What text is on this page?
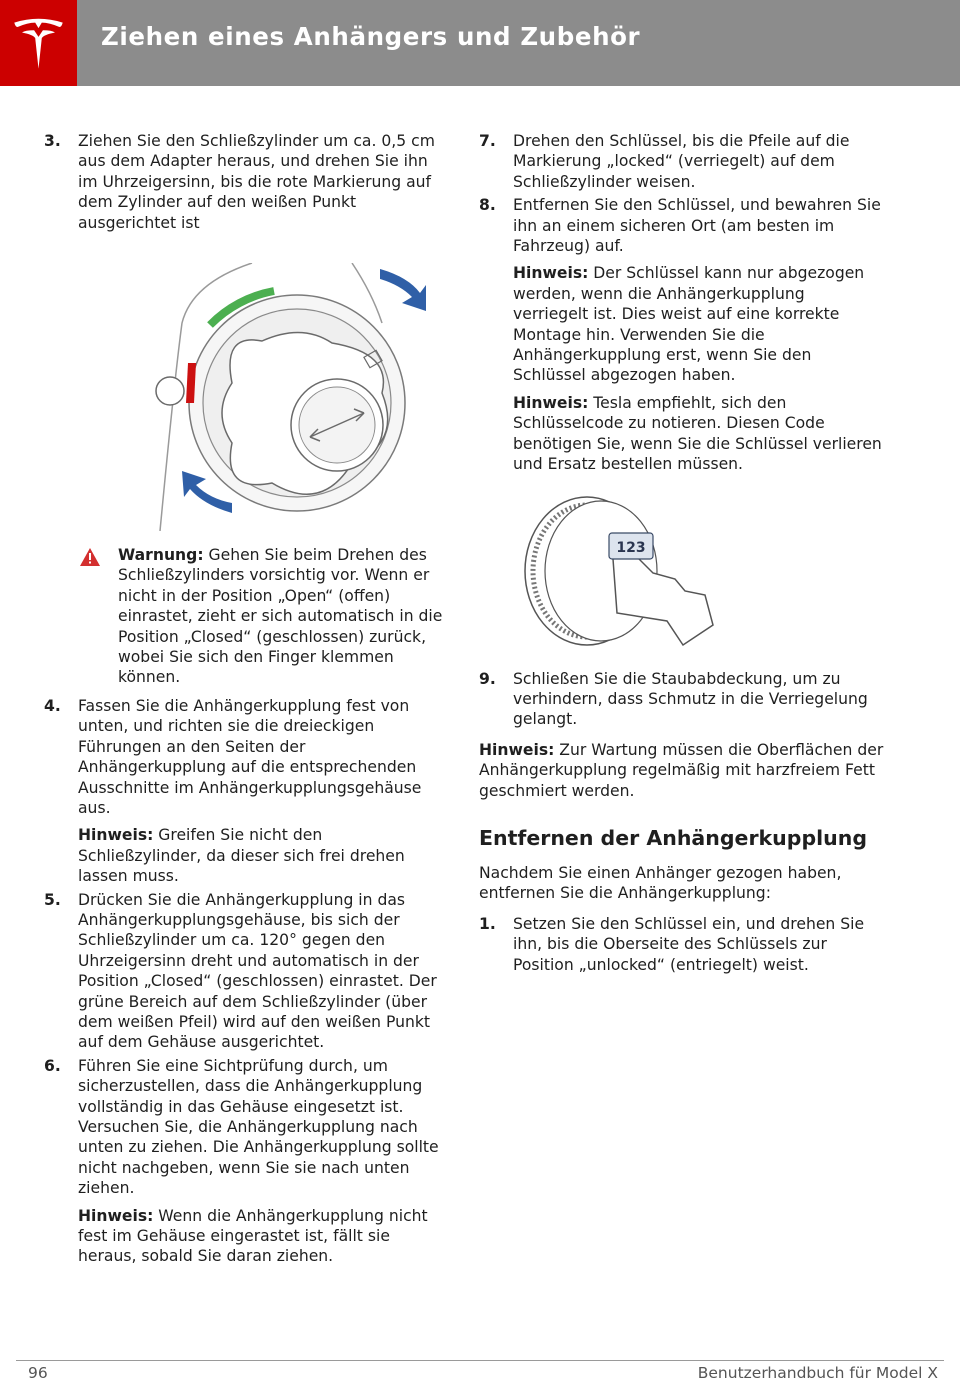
Ziehen eines Anhängers und Zubehör
3.	Ziehen Sie den Schließzylinder um ca. 0,5 cm aus dem Adapter heraus, und drehen Sie ihn im Uhrzeigersinn, bis die rote Markierung auf dem Zylinder auf den weißen Punkt ausgerichtet ist
Warnung: Gehen Sie beim Drehen des Schließzylinders vorsichtig vor. Wenn er nicht in der Position „Open“ (offen) einrastet, zieht er sich automatisch in die Position „Closed“ (geschlossen) zurück, wobei Sie sich den Finger klemmen können.
4.	Fassen Sie die Anhängerkupplung fest von unten, und richten sie die dreieckigen Führungen an den Seiten der Anhängerkupplung auf die entsprechenden Ausschnitte im Anhängerkupplungsgehäuse aus.
Hinweis: Greifen Sie nicht den Schließzylinder, da dieser sich frei drehen lassen muss.
5.	Drücken Sie die Anhängerkupplung in das Anhängerkupplungsgehäuse, bis sich der Schließzylinder um ca. 120° gegen den Uhrzeigersinn dreht und automatisch in der Position „Closed“ (geschlossen) einrastet. Der grüne Bereich auf dem Schließzylinder (über dem weißen Pfeil) wird auf den weißen Punkt auf dem Gehäuse ausgerichtet.
6.	Führen Sie eine Sichtprüfung durch, um sicherzustellen, dass die Anhängerkupplung vollständig in das Gehäuse eingesetzt ist. Versuchen Sie, die Anhängerkupplung nach unten zu ziehen. Die Anhängerkupplung sollte nicht nachgeben, wenn Sie sie nach unten ziehen.
Hinweis: Wenn die Anhängerkupplung nicht fest im Gehäuse eingerastet ist, fällt sie heraus, sobald Sie daran ziehen.
7.	Drehen den Schlüssel, bis die Pfeile auf die Markierung „locked“ (verriegelt) auf dem Schließzylinder weisen.
8.	Entfernen Sie den Schlüssel, und bewahren Sie ihn an einem sicheren Ort (am besten im Fahrzeug) auf.
Hinweis: Der Schlüssel kann nur abgezogen werden, wenn die Anhängerkupplung verriegelt ist. Dies weist auf eine korrekte Montage hin. Verwenden Sie die Anhängerkupplung erst, wenn Sie den Schlüssel abgezogen haben.
Hinweis: Tesla empfiehlt, sich den Schlüsselcode zu notieren. Diesen Code benötigen Sie, wenn Sie die Schlüssel verlieren und Ersatz bestellen müssen.
123
9.	Schließen Sie die Staubabdeckung, um zu verhindern, dass Schmutz in die Verriegelung gelangt.
Hinweis: Zur Wartung müssen die Oberflächen der Anhängerkupplung regelmäßig mit harzfreiem Fett geschmiert werden.
Entfernen der Anhängerkupplung
Nachdem Sie einen Anhänger gezogen haben, entfernen Sie die Anhängerkupplung:
1.	Setzen Sie den Schlüssel ein, und drehen Sie ihn, bis die Oberseite des Schlüssels zur Position „unlocked“ (entriegelt) weist.
96	Benutzerhandbuch für Model X
